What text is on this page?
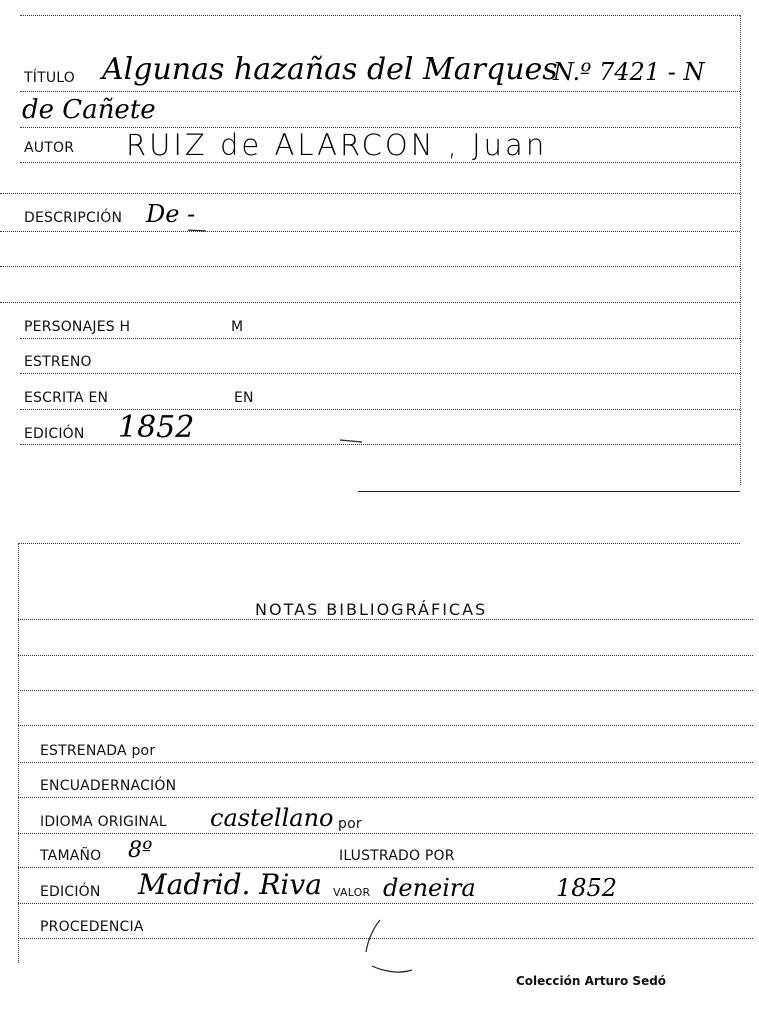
TÍTULO Algunas hazañas del Marques
N.º 7421 - N
de Cañete
AUTOR RUIZ de ALARCON , Juan
DESCRIPCIÓN De -
PERSONAJES H	M
ESTRENO
ESCRITA EN	EN
EDICIÓN 1852
NOTAS BIBLIOGRÁFICAS
ESTRENADA por
ENCUADERNACIÓN
IDIOMA ORIGINAL castellano por
TAMAÑO 8º	ILUSTRADO POR
EDICIÓN Madrid. Riva VALOR deneira	1852
PROCEDENCIA
Colección Arturo Sedó
